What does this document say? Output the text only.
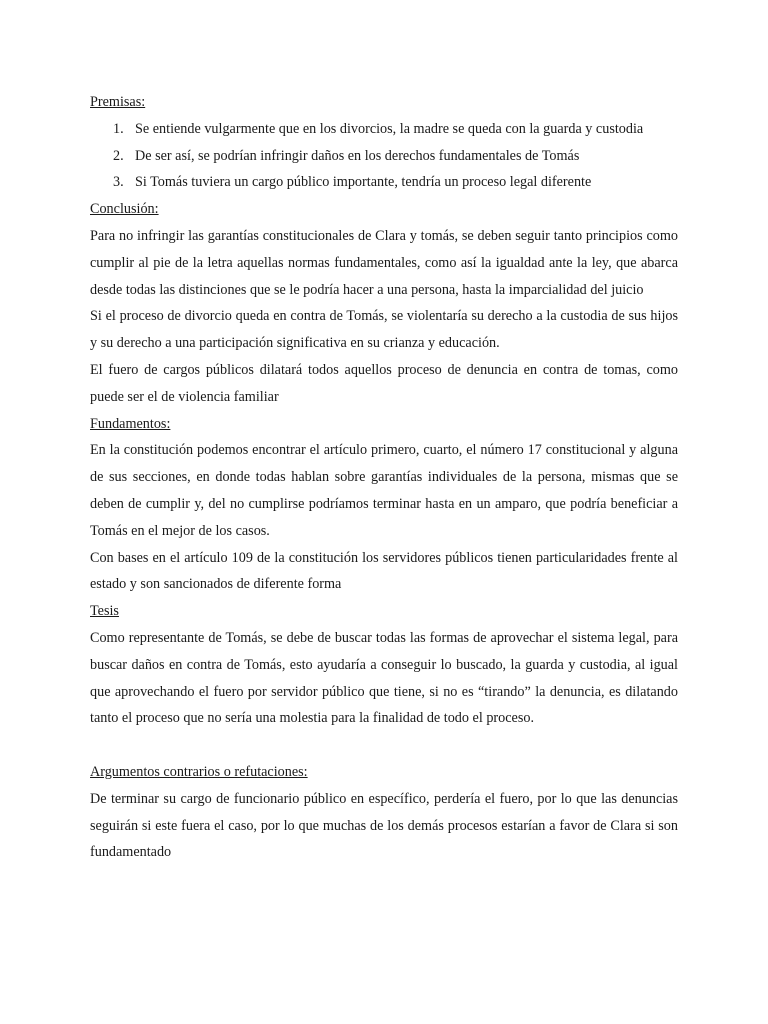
Premisas:

1. Se entiende vulgarmente que en los divorcios, la madre se queda con la guarda y custodia
2. De ser así, se podrían infringir daños en los derechos fundamentales de Tomás
3. Si Tomás tuviera un cargo público importante, tendría un proceso legal diferente

Conclusión:

Para no infringir las garantías constitucionales de Clara y tomás, se deben seguir tanto principios como cumplir al pie de la letra aquellas normas fundamentales, como así la igualdad ante la ley, que abarca desde todas las distinciones que se le podría hacer a una persona, hasta la imparcialidad del juicio

Si el proceso de divorcio queda en contra de Tomás, se violentaría su derecho a la custodia de sus hijos y su derecho a una participación significativa en su crianza y educación.

El fuero de cargos públicos dilatará todos aquellos proceso de denuncia en contra de tomas, como puede ser el de violencia familiar

Fundamentos:

En la constitución podemos encontrar el artículo primero, cuarto, el número 17 constitucional y alguna de sus secciones, en donde todas hablan sobre garantías individuales de la persona, mismas que se deben de cumplir y, del no cumplirse podríamos terminar hasta en un amparo, que podría beneficiar a Tomás en el mejor de los casos.

Con bases en el artículo 109 de la constitución los servidores públicos tienen particularidades frente al estado y son sancionados de diferente forma

Tesis

Como representante de Tomás, se debe de buscar todas las formas de aprovechar el sistema legal, para buscar daños en contra de Tomás, esto ayudaría a conseguir lo buscado, la guarda y custodia, al igual que aprovechando el fuero por servidor público que tiene, si no es “tirando” la denuncia, es dilatando tanto el proceso que no sería una molestia para la finalidad de todo el proceso.

Argumentos contrarios o refutaciones:

De terminar su cargo de funcionario público en específico, perdería el fuero, por lo que las denuncias seguirán si este fuera el caso, por lo que muchas de los demás procesos estarían a favor de Clara si son fundamentado
